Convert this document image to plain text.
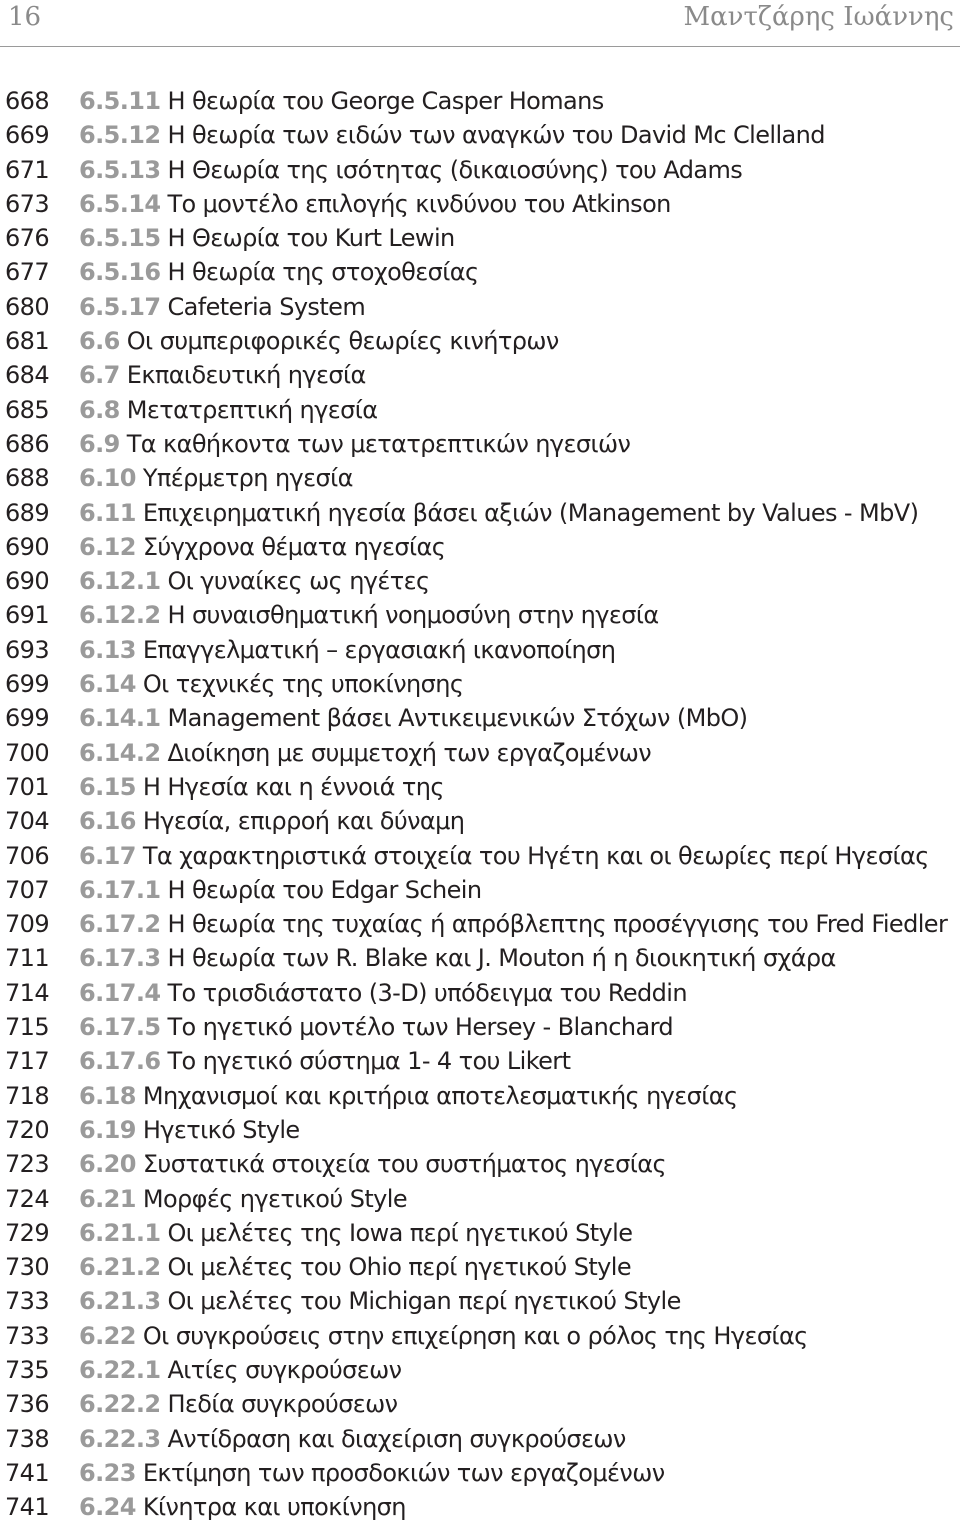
16	Μαντζάρης Ιωάννης
668	6.5.11 Η θεωρία του George Casper Homans
669	6.5.12 Η θεωρία των ειδών των αναγκών του David Mc Clelland
671	6.5.13 Η Θεωρία της ισότητας (δικαιοσύνης) του Adams
673	6.5.14 Το μοντέλο επιλογής κινδύνου του Atkinson
676	6.5.15 Η Θεωρία του Kurt Lewin
677	6.5.16 Η θεωρία της στοχοθεσίας
680	6.5.17 Cafeteria System
681	6.6 Οι συμπεριφορικές θεωρίες κινήτρων
684	6.7 Εκπαιδευτική ηγεσία
685	6.8 Μετατρεπτική ηγεσία
686	6.9 Τα καθήκοντα των μετατρεπτικών ηγεσιών
688	6.10 Υπέρμετρη ηγεσία
689	6.11 Επιχειρηματική ηγεσία βάσει αξιών (Management by Values - MbV)
690	6.12 Σύγχρονα θέματα ηγεσίας
690	6.12.1 Οι γυναίκες ως ηγέτες
691	6.12.2 Η συναισθηματική νοημοσύνη στην ηγεσία
693	6.13 Επαγγελματική – εργασιακή ικανοποίηση
699	6.14 Οι τεχνικές της υποκίνησης
699	6.14.1 Management βάσει Αντικειμενικών Στόχων (MbO)
700	6.14.2 Διοίκηση με συμμετοχή των εργαζομένων
701	6.15 Η Ηγεσία και η έννοιά της
704	6.16 Ηγεσία, επιρροή και δύναμη
706	6.17 Τα χαρακτηριστικά στοιχεία του Ηγέτη και οι θεωρίες περί Ηγεσίας
707	6.17.1 Η θεωρία του Edgar Schein
709	6.17.2 Η θεωρία της τυχαίας ή απρόβλεπτης προσέγγισης του Fred Fiedler
711	6.17.3 Η θεωρία των R. Blake και J. Mouton ή η διοικητική σχάρα
714	6.17.4 Το τρισδιάστατο (3-D) υπόδειγμα του Reddin
715	6.17.5 Το ηγετικό μοντέλο των Hersey - Blanchard
717	6.17.6 Το ηγετικό σύστημα 1- 4 του Likert
718	6.18 Μηχανισμοί και κριτήρια αποτελεσματικής ηγεσίας
720	6.19 Ηγετικό Style
723	6.20 Συστατικά στοιχεία του συστήματος ηγεσίας
724	6.21 Μορφές ηγετικού Style
729	6.21.1 Οι μελέτες της Iowa περί ηγετικού Style
730	6.21.2 Οι μελέτες του Ohio περί ηγετικού Style
733	6.21.3 Οι μελέτες του Michigan περί ηγετικού Style
733	6.22 Οι συγκρούσεις στην επιχείρηση και ο ρόλος της Ηγεσίας
735	6.22.1 Αιτίες συγκρούσεων
736	6.22.2 Πεδία συγκρούσεων
738	6.22.3 Αντίδραση και διαχείριση συγκρούσεων
741	6.23 Εκτίμηση των προσδοκιών των εργαζομένων
741	6.24 Κίνητρα και υποκίνηση
